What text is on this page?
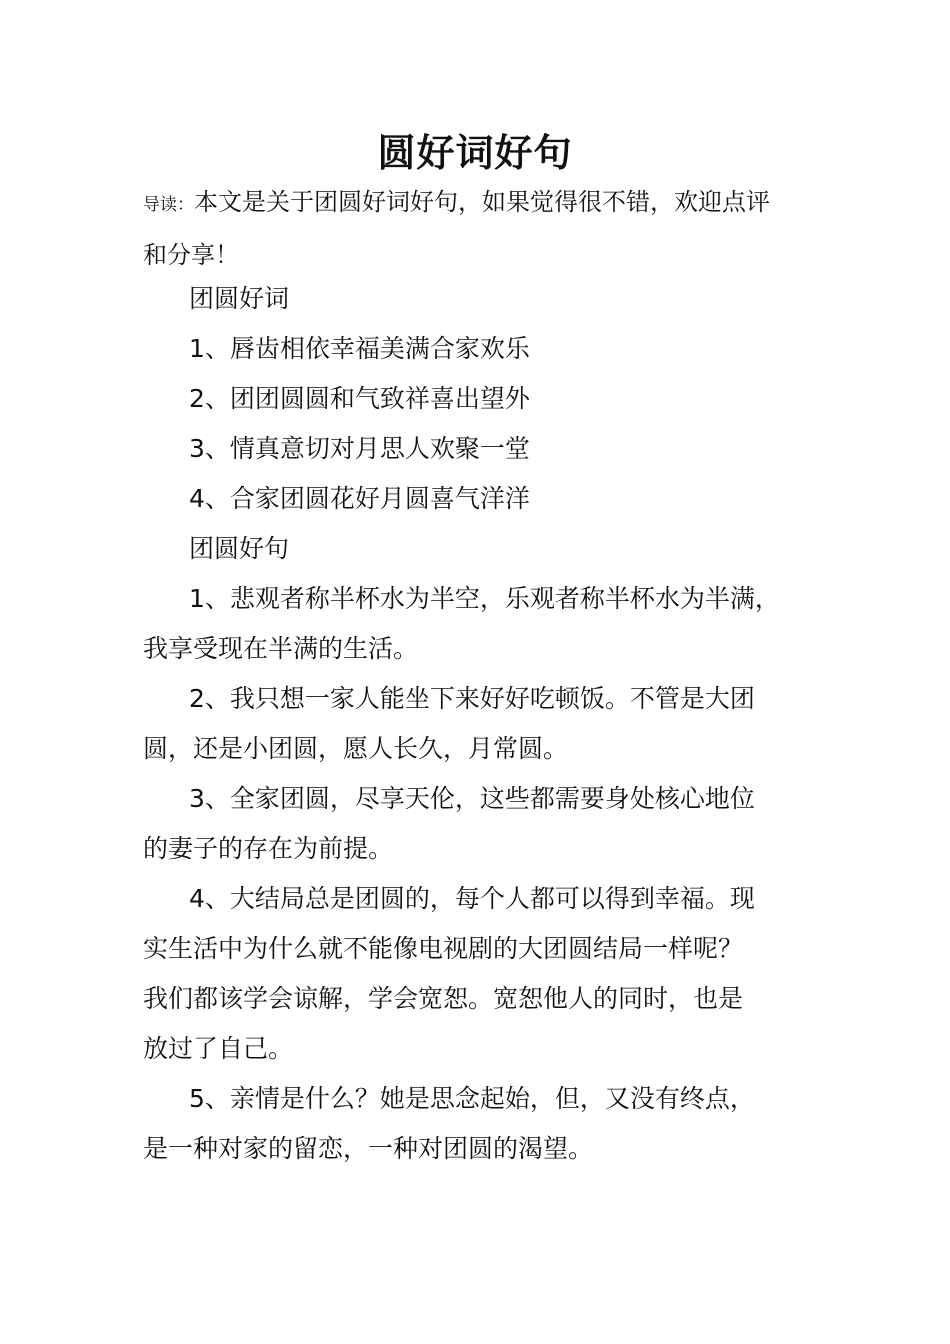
圆好词好句
导读：本文是关于团圆好词好句，如果觉得很不错，欢迎点评
和分享！
团圆好词
1、唇齿相依幸福美满合家欢乐
2、团团圆圆和气致祥喜出望外
3、情真意切对月思人欢聚一堂
4、合家团圆花好月圆喜气洋洋
团圆好句
1、悲观者称半杯水为半空，乐观者称半杯水为半满，
我享受现在半满的生活。
2、我只想一家人能坐下来好好吃顿饭。不管是大团
圆，还是小团圆，愿人长久，月常圆。
3、全家团圆，尽享天伦，这些都需要身处核心地位
的妻子的存在为前提。
4、大结局总是团圆的，每个人都可以得到幸福。现
实生活中为什么就不能像电视剧的大团圆结局一样呢？
我们都该学会谅解，学会宽恕。宽恕他人的同时，也是
放过了自己。
5、亲情是什么？她是思念起始，但，又没有终点，
是一种对家的留恋，一种对团圆的渴望。
